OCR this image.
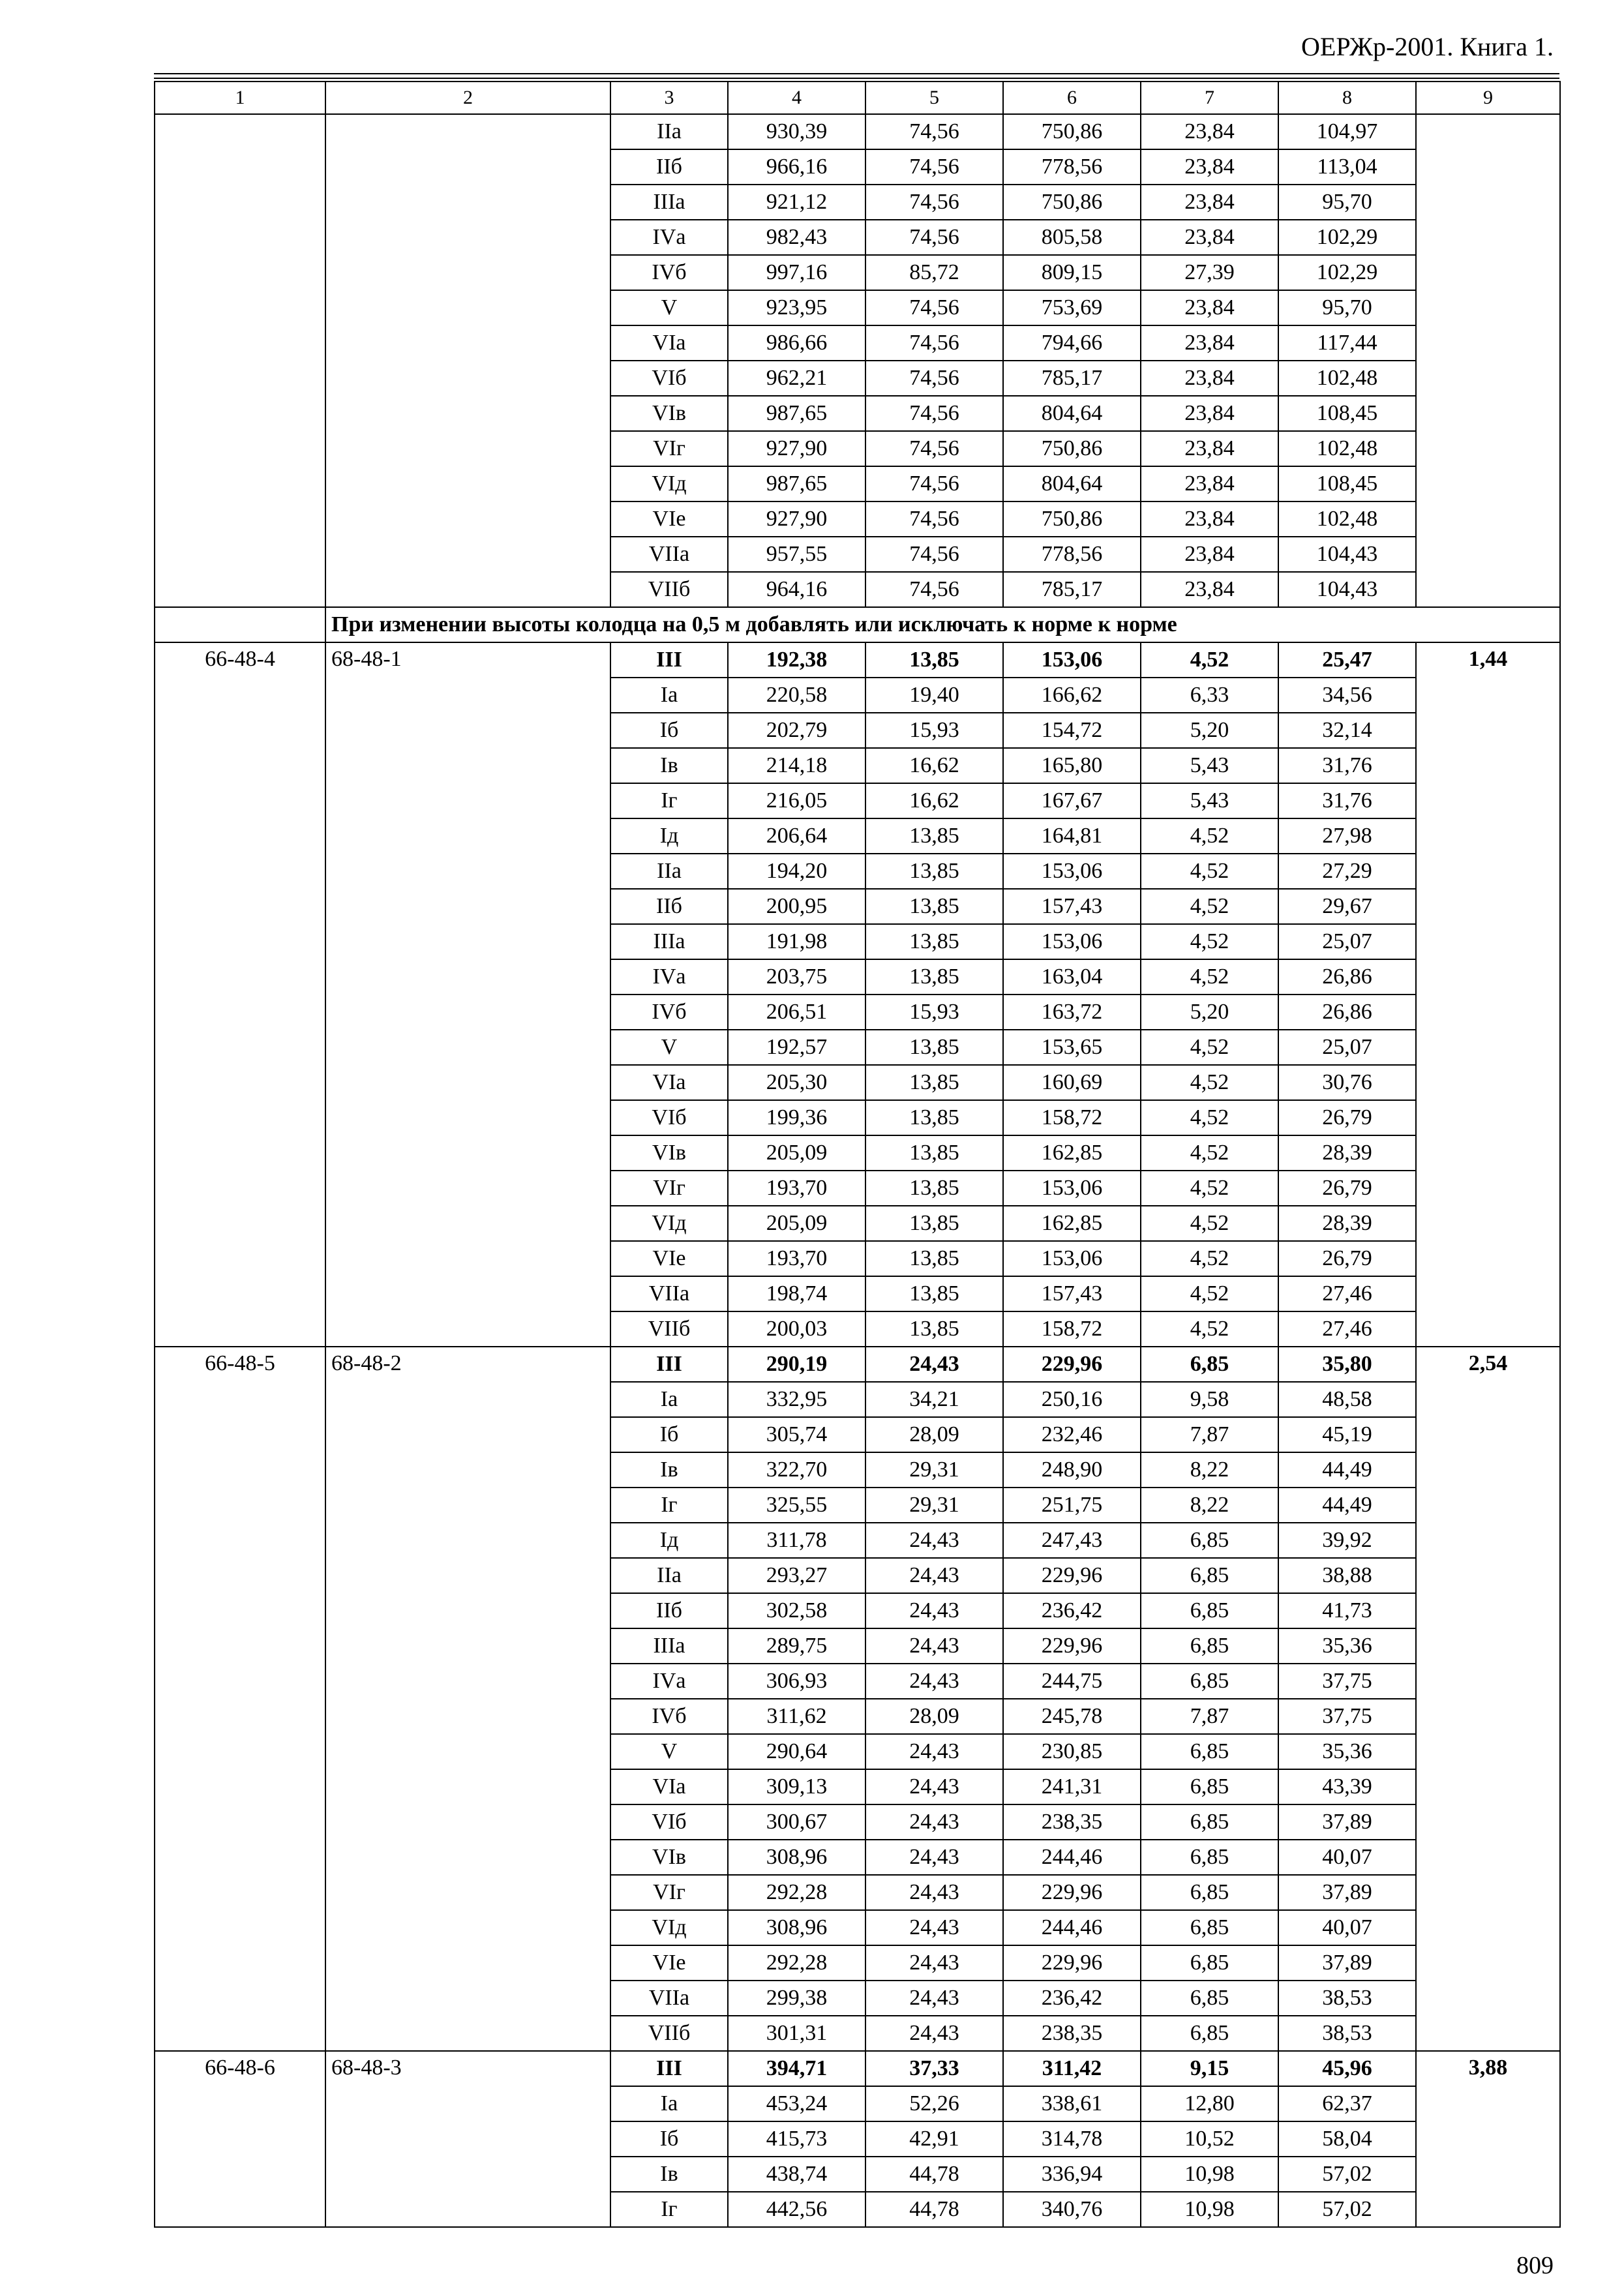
ОЕРЖр-2001. Книга 1.
1	2	3	4	5	6	7	8	9
		IIа	930,39	74,56	750,86	23,84	104,97	
		IIб	966,16	74,56	778,56	23,84	113,04	
		IIIа	921,12	74,56	750,86	23,84	95,70	
		IVа	982,43	74,56	805,58	23,84	102,29	
		IVб	997,16	85,72	809,15	27,39	102,29	
		V	923,95	74,56	753,69	23,84	95,70	
		VIа	986,66	74,56	794,66	23,84	117,44	
		VIб	962,21	74,56	785,17	23,84	102,48	
		VIв	987,65	74,56	804,64	23,84	108,45	
		VIг	927,90	74,56	750,86	23,84	102,48	
		VIд	987,65	74,56	804,64	23,84	108,45	
		VIе	927,90	74,56	750,86	23,84	102,48	
		VIIа	957,55	74,56	778,56	23,84	104,43	
		VIIб	964,16	74,56	785,17	23,84	104,43	
	При изменении высоты колодца на 0,5 м добавлять или исключать к норме к норме							
66-48-4	68-48-1	III	192,38	13,85	153,06	4,52	25,47	1,44
		Iа	220,58	19,40	166,62	6,33	34,56	
		Iб	202,79	15,93	154,72	5,20	32,14	
		Iв	214,18	16,62	165,80	5,43	31,76	
		Iг	216,05	16,62	167,67	5,43	31,76	
		Iд	206,64	13,85	164,81	4,52	27,98	
		IIа	194,20	13,85	153,06	4,52	27,29	
		IIб	200,95	13,85	157,43	4,52	29,67	
		IIIа	191,98	13,85	153,06	4,52	25,07	
		IVа	203,75	13,85	163,04	4,52	26,86	
		IVб	206,51	15,93	163,72	5,20	26,86	
		V	192,57	13,85	153,65	4,52	25,07	
		VIа	205,30	13,85	160,69	4,52	30,76	
		VIб	199,36	13,85	158,72	4,52	26,79	
		VIв	205,09	13,85	162,85	4,52	28,39	
		VIг	193,70	13,85	153,06	4,52	26,79	
		VIд	205,09	13,85	162,85	4,52	28,39	
		VIе	193,70	13,85	153,06	4,52	26,79	
		VIIа	198,74	13,85	157,43	4,52	27,46	
		VIIб	200,03	13,85	158,72	4,52	27,46	
66-48-5	68-48-2	III	290,19	24,43	229,96	6,85	35,80	2,54
		Iа	332,95	34,21	250,16	9,58	48,58	
		Iб	305,74	28,09	232,46	7,87	45,19	
		Iв	322,70	29,31	248,90	8,22	44,49	
		Iг	325,55	29,31	251,75	8,22	44,49	
		Iд	311,78	24,43	247,43	6,85	39,92	
		IIа	293,27	24,43	229,96	6,85	38,88	
		IIб	302,58	24,43	236,42	6,85	41,73	
		IIIа	289,75	24,43	229,96	6,85	35,36	
		IVа	306,93	24,43	244,75	6,85	37,75	
		IVб	311,62	28,09	245,78	7,87	37,75	
		V	290,64	24,43	230,85	6,85	35,36	
		VIа	309,13	24,43	241,31	6,85	43,39	
		VIб	300,67	24,43	238,35	6,85	37,89	
		VIв	308,96	24,43	244,46	6,85	40,07	
		VIг	292,28	24,43	229,96	6,85	37,89	
		VIд	308,96	24,43	244,46	6,85	40,07	
		VIе	292,28	24,43	229,96	6,85	37,89	
		VIIа	299,38	24,43	236,42	6,85	38,53	
		VIIб	301,31	24,43	238,35	6,85	38,53	
66-48-6	68-48-3	III	394,71	37,33	311,42	9,15	45,96	3,88
		Iа	453,24	52,26	338,61	12,80	62,37	
		Iб	415,73	42,91	314,78	10,52	58,04	
		Iв	438,74	44,78	336,94	10,98	57,02	
		Iг	442,56	44,78	340,76	10,98	57,02	
809
